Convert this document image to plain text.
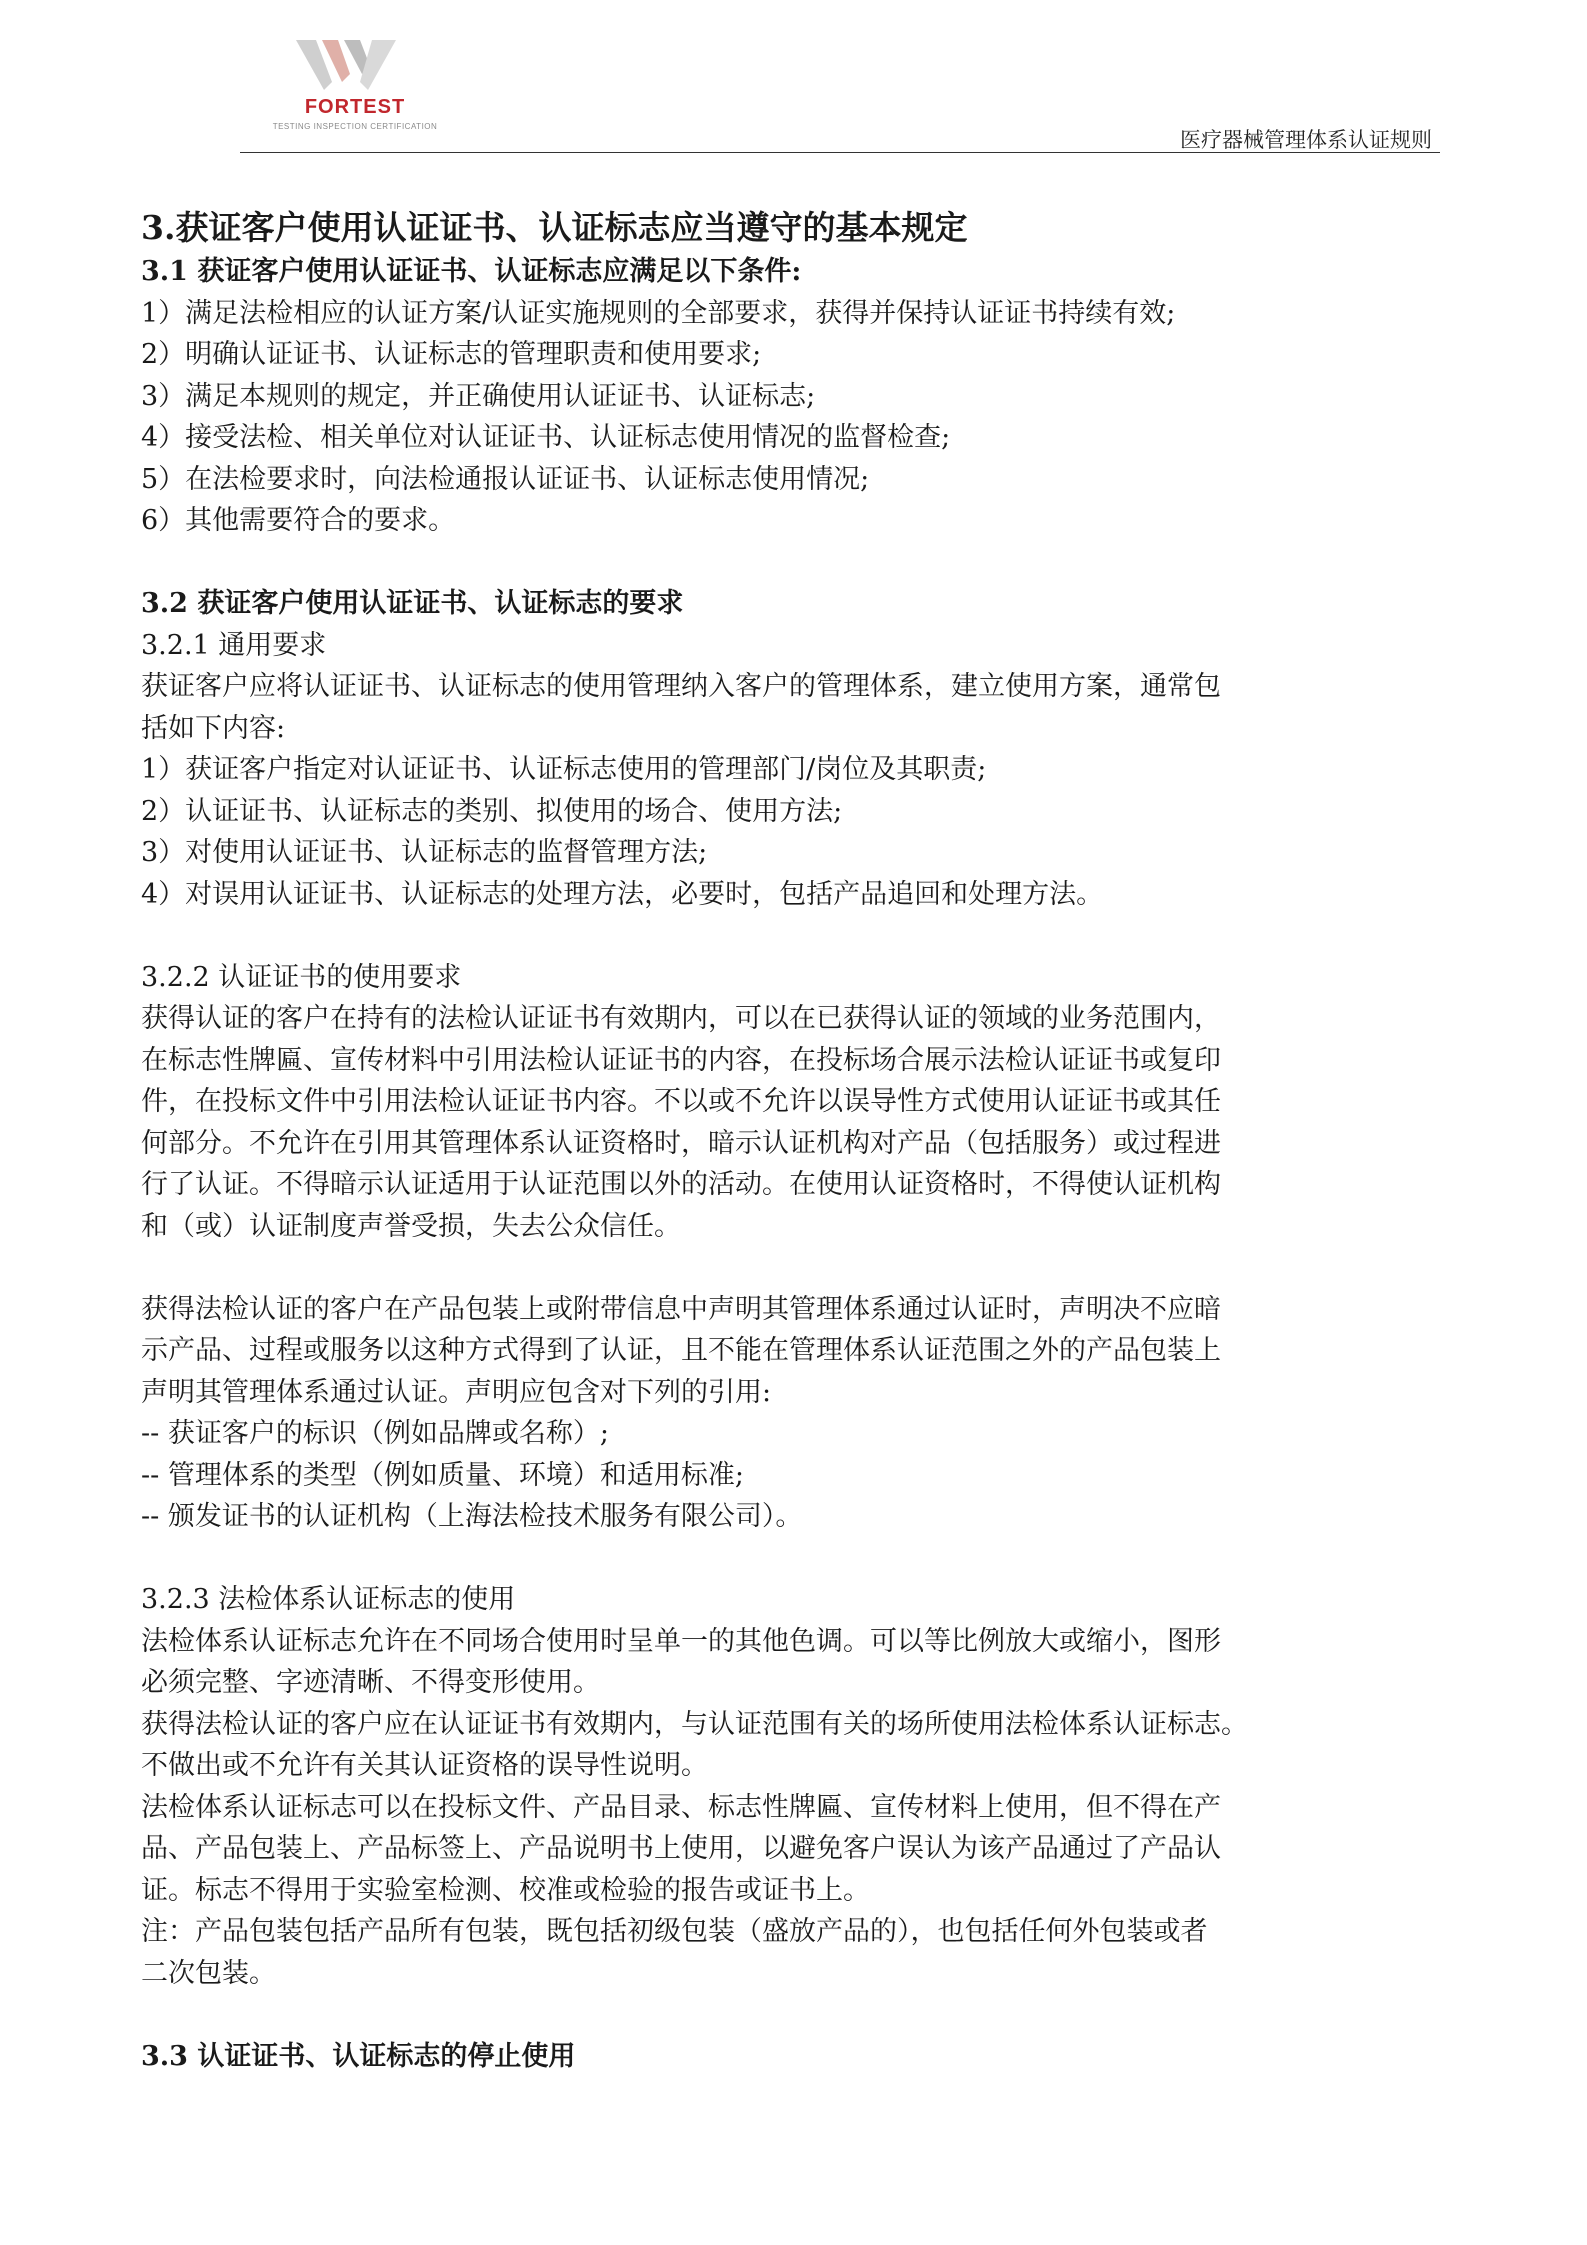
FORTEST
TESTING INSPECTION CERTIFICATION
医疗器械管理体系认证规则
3.获证客户使用认证证书、认证标志应当遵守的基本规定
3.1 获证客户使用认证证书、认证标志应满足以下条件:
1）满足法检相应的认证方案/认证实施规则的全部要求，获得并保持认证证书持续有效;
2）明确认证证书、认证标志的管理职责和使用要求;
3）满足本规则的规定，并正确使用认证证书、认证标志;
4）接受法检、相关单位对认证证书、认证标志使用情况的监督检查;
5）在法检要求时，向法检通报认证证书、认证标志使用情况;
6）其他需要符合的要求。
3.2 获证客户使用认证证书、认证标志的要求
3.2.1 通用要求
获证客户应将认证证书、认证标志的使用管理纳入客户的管理体系，建立使用方案，通常包
括如下内容:
1）获证客户指定对认证证书、认证标志使用的管理部门/岗位及其职责;
2）认证证书、认证标志的类别、拟使用的场合、使用方法;
3）对使用认证证书、认证标志的监督管理方法;
4）对误用认证证书、认证标志的处理方法，必要时，包括产品追回和处理方法。
3.2.2 认证证书的使用要求
获得认证的客户在持有的法检认证证书有效期内，可以在已获得认证的领域的业务范围内，
在标志性牌匾、宣传材料中引用法检认证证书的内容，在投标场合展示法检认证证书或复印
件，在投标文件中引用法检认证证书内容。不以或不允许以误导性方式使用认证证书或其任
何部分。不允许在引用其管理体系认证资格时，暗示认证机构对产品（包括服务）或过程进
行了认证。不得暗示认证适用于认证范围以外的活动。在使用认证资格时，不得使认证机构
和（或）认证制度声誉受损，失去公众信任。
获得法检认证的客户在产品包装上或附带信息中声明其管理体系通过认证时，声明决不应暗
示产品、过程或服务以这种方式得到了认证，且不能在管理体系认证范围之外的产品包装上
声明其管理体系通过认证。声明应包含对下列的引用:
-- 获证客户的标识（例如品牌或名称）;
-- 管理体系的类型（例如质量、环境）和适用标准;
-- 颁发证书的认证机构（上海法检技术服务有限公司）。
3.2.3 法检体系认证标志的使用
法检体系认证标志允许在不同场合使用时呈单一的其他色调。可以等比例放大或缩小，图形
必须完整、字迹清晰、不得变形使用。
获得法检认证的客户应在认证证书有效期内，与认证范围有关的场所使用法检体系认证标志。
不做出或不允许有关其认证资格的误导性说明。
法检体系认证标志可以在投标文件、产品目录、标志性牌匾、宣传材料上使用，但不得在产
品、产品包装上、产品标签上、产品说明书上使用，以避免客户误认为该产品通过了产品认
证。标志不得用于实验室检测、校准或检验的报告或证书上。
注：产品包装包括产品所有包装，既包括初级包装（盛放产品的），也包括任何外包装或者
二次包装。
3.3 认证证书、认证标志的停止使用
